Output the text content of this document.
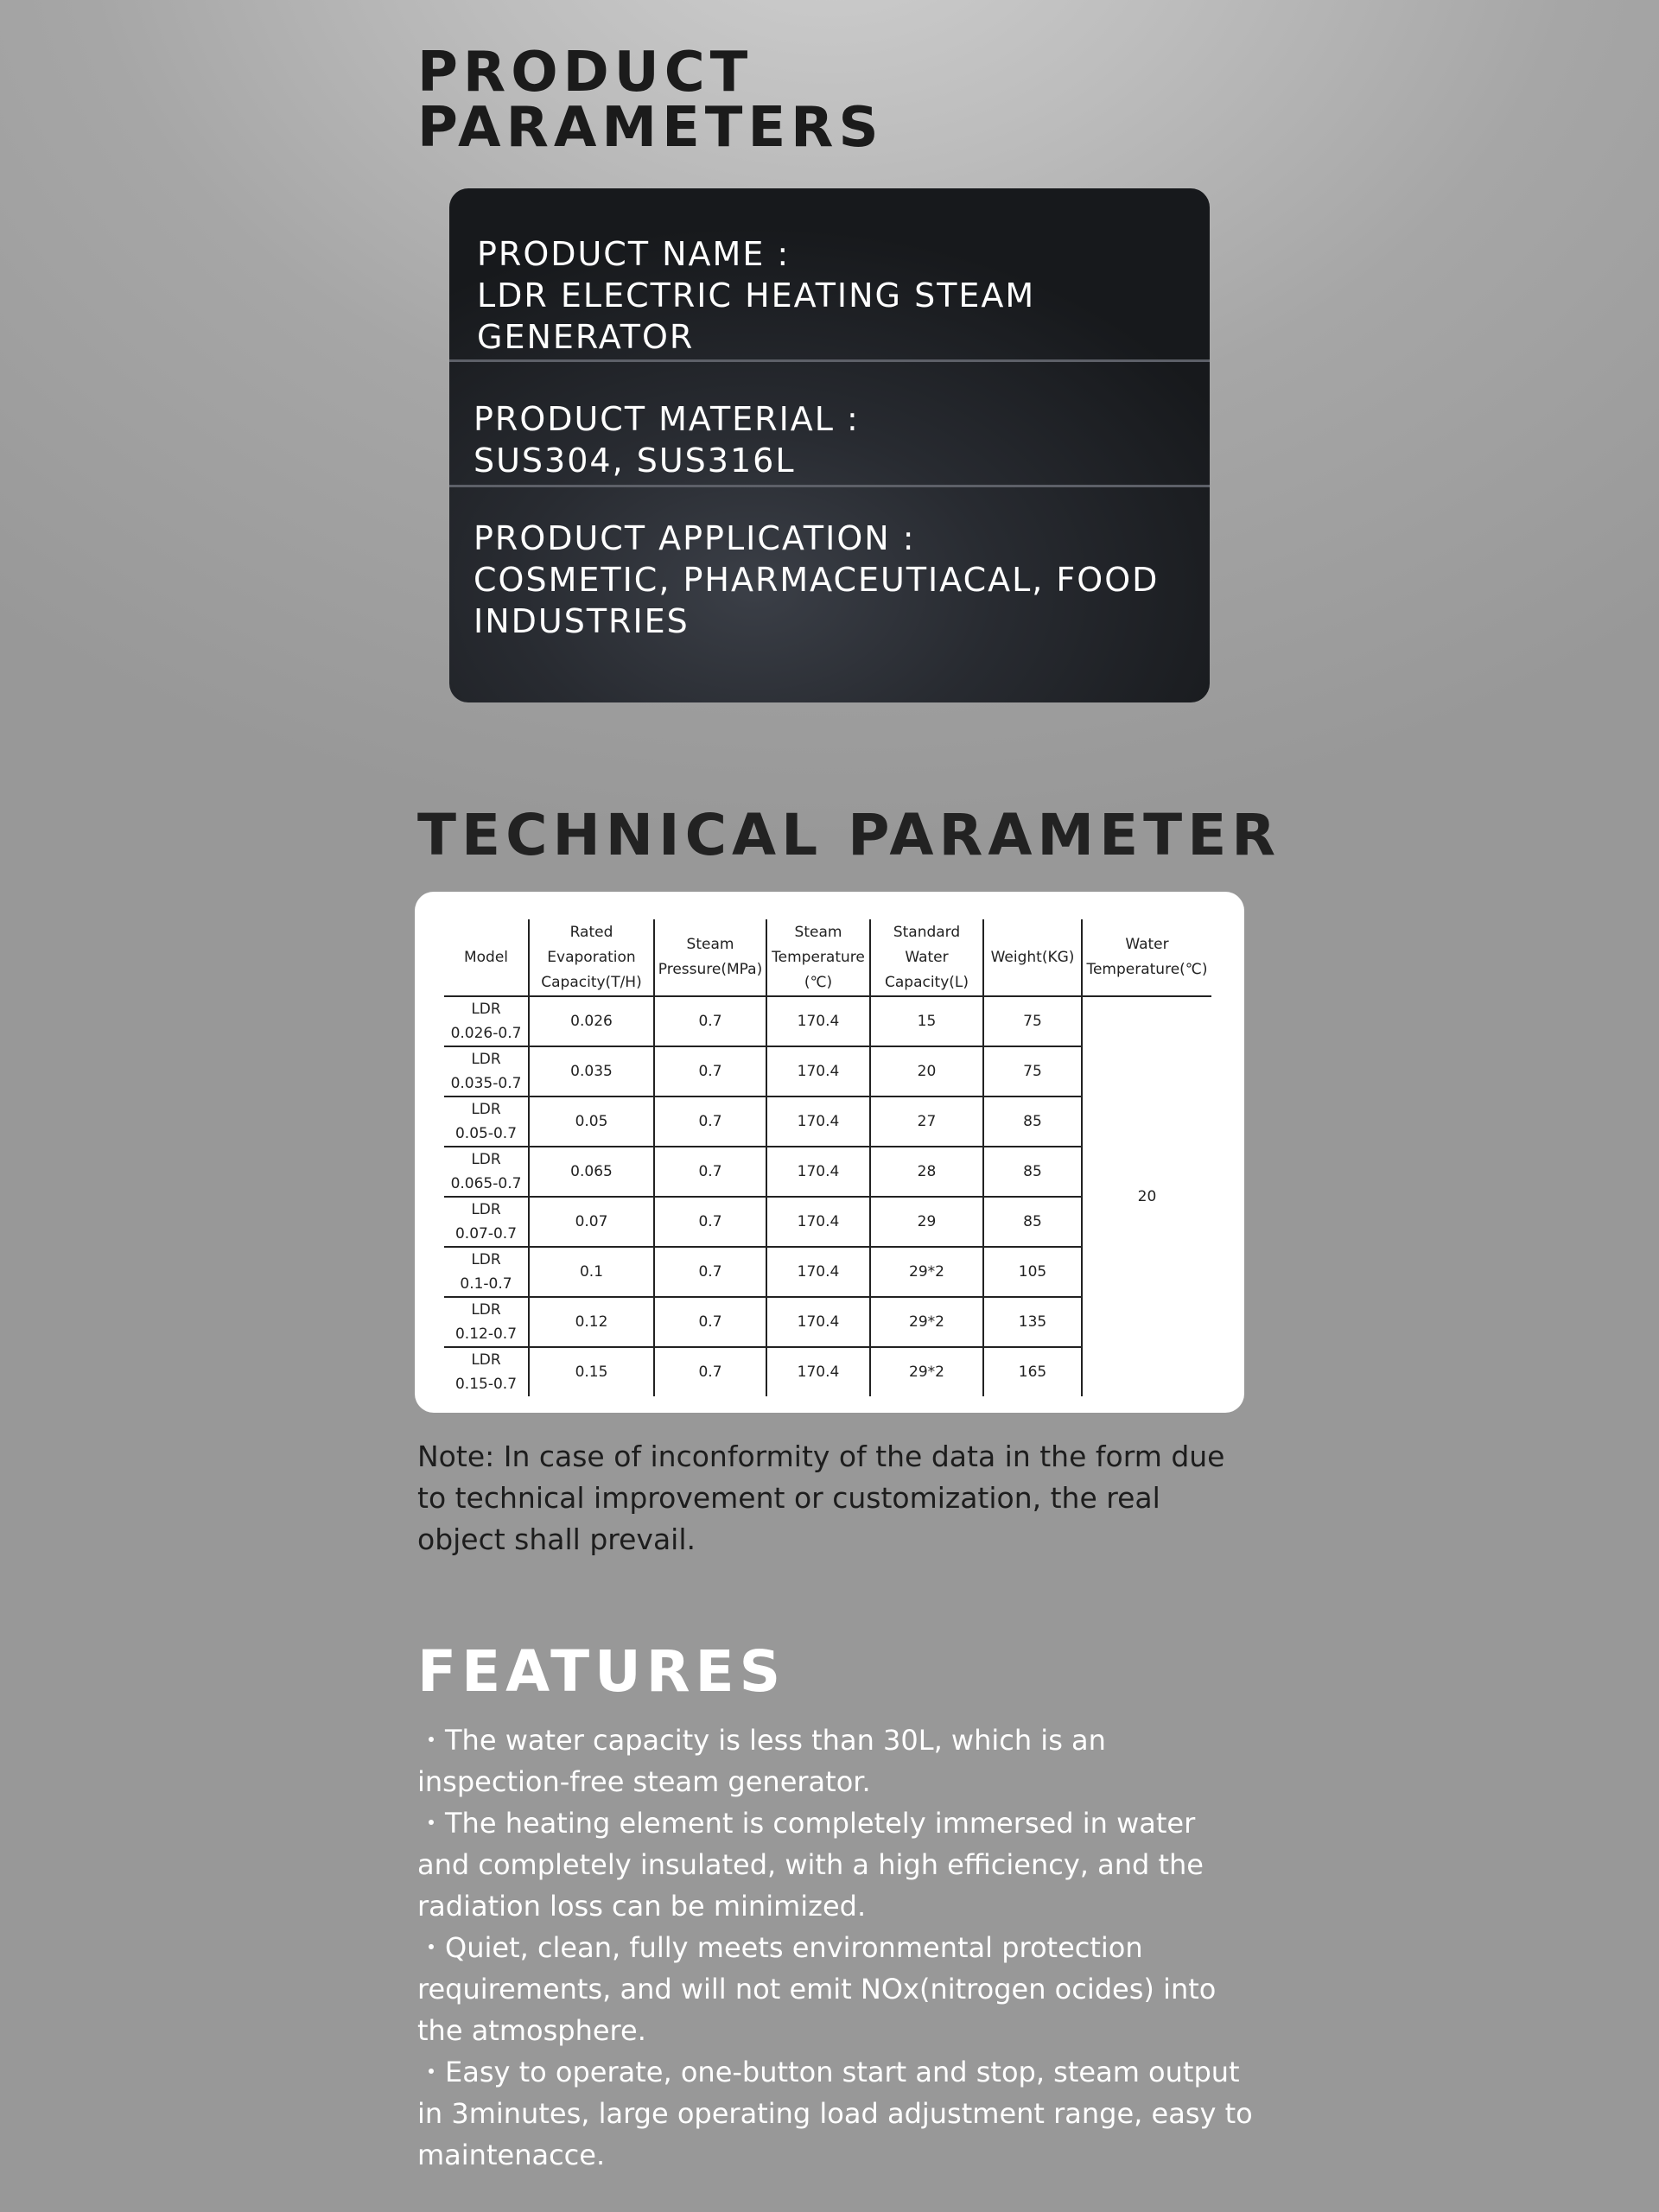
PRODUCT
PARAMETERS
PRODUCT NAME :
LDR ELECTRIC HEATING STEAM
GENERATOR
PRODUCT MATERIAL :
SUS304, SUS316L
PRODUCT APPLICATION :
COSMETIC, PHARMACEUTIACAL, FOOD
INDUSTRIES
TECHNICAL PARAMETER
Model	Rated Evaporation Capacity(T/H)	Steam Pressure(MPa)	Steam Temperature (℃)	Standard Water Capacity(L)	Weight(KG)	Water Temperature(℃)

LDR
0.026-0.7	0.026	0.7	170.4	15	75	20

LDR
0.035-0.7	0.035	0.7	170.4	20	75	

LDR
0.05-0.7	0.05	0.7	170.4	27	85	

LDR
0.065-0.7	0.065	0.7	170.4	28	85	

LDR
0.07-0.7	0.07	0.7	170.4	29	85	

LDR
0.1-0.7	0.1	0.7	170.4	29*2	105	

LDR
0.12-0.7	0.12	0.7	170.4	29*2	135	

LDR
0.15-0.7	0.15	0.7	170.4	29*2	165	

Note: In case of inconformity of the data in the form due to technical improvement or customization, the real object shall prevail.

FEATURES
・The water capacity is less than 30L, which is an inspection-free steam generator.
・The heating element is completely immersed in water and completely insulated, with a high efficiency, and the radiation loss can be minimized.
・Quiet, clean, fully meets environmental protection requirements, and will not emit NOx(nitrogen ocides) into the atmosphere.
・Easy to operate, one-button start and stop, steam output in 3minutes, large operating load adjustment range, easy to maintenacce.
